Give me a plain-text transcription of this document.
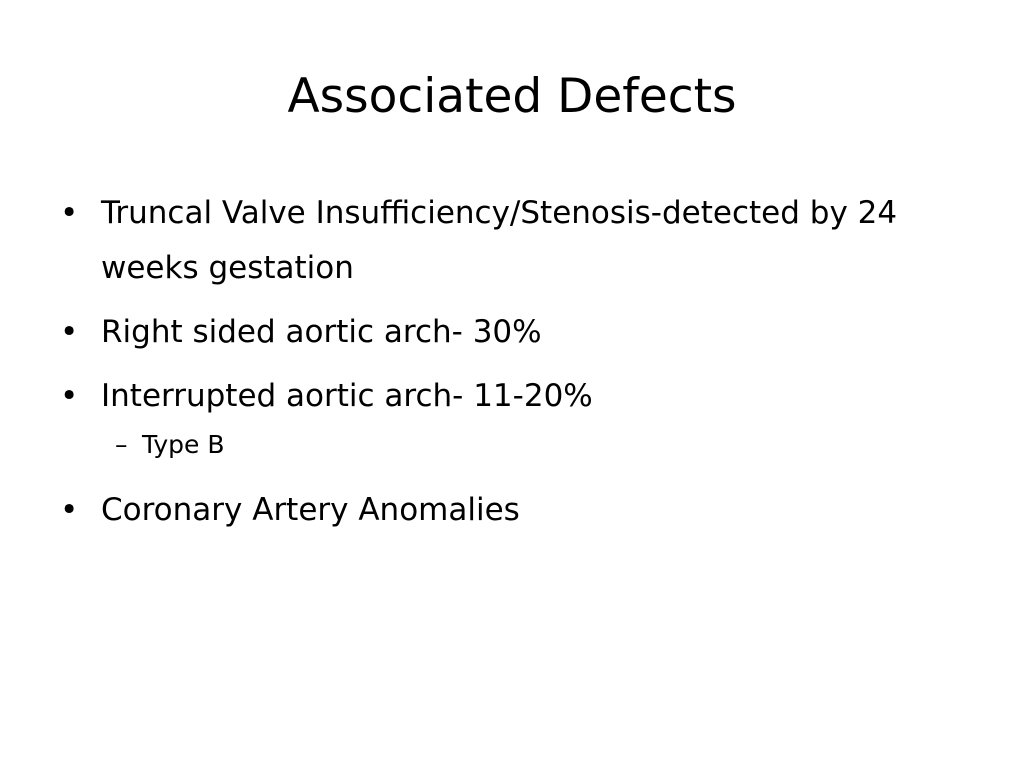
Associated Defects
• Truncal Valve Insufficiency/Stenosis-detected by 24 weeks gestation
• Right sided aortic arch- 30%
• Interrupted aortic arch- 11-20%
– Type B
• Coronary Artery Anomalies
